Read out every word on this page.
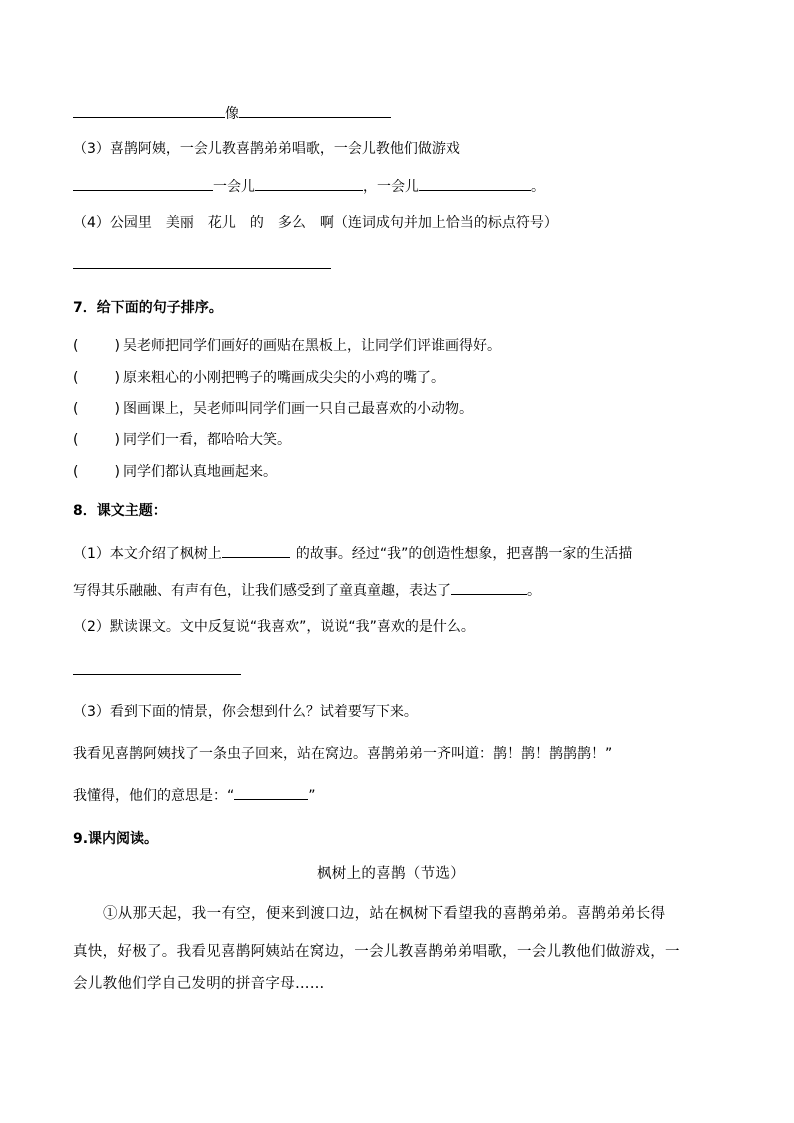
像
（3）喜鹊阿姨，一会儿教喜鹊弟弟唱歌，一会儿教他们做游戏
一会儿	，一会儿	。
（4）公园里　美丽　花儿　的　多么　啊（连词成句并加上恰当的标点符号）
7．给下面的句子排序。
(	) 吴老师把同学们画好的画贴在黑板上，让同学们评谁画得好。
(	) 原来粗心的小刚把鸭子的嘴画成尖尖的小鸡的嘴了。
(	) 图画课上，吴老师叫同学们画一只自己最喜欢的小动物。
(	) 同学们一看，都哈哈大笑。
(	) 同学们都认真地画起来。
8．课文主题：
（1）本文介绍了枫树上	的故事。经过“我”的创造性想象，把喜鹊一家的生活描
写得其乐融融、有声有色，让我们感受到了童真童趣，表达了	。
（2）默读课文。文中反复说“我喜欢”，说说“我”喜欢的是什么。
（3）看到下面的情景，你会想到什么？试着要写下来。
我看见喜鹊阿姨找了一条虫子回来，站在窝边。喜鹊弟弟一齐叫道：鹊！鹊！鹊鹊鹊！”
我懂得，他们的意思是：“	”
9.课内阅读。
枫树上的喜鹊（节选）
①从那天起，我一有空，便来到渡口边，站在枫树下看望我的喜鹊弟弟。喜鹊弟弟长得
真快，好极了。我看见喜鹊阿姨站在窝边，一会儿教喜鹊弟弟唱歌，一会儿教他们做游戏，一
会儿教他们学自己发明的拼音字母……
